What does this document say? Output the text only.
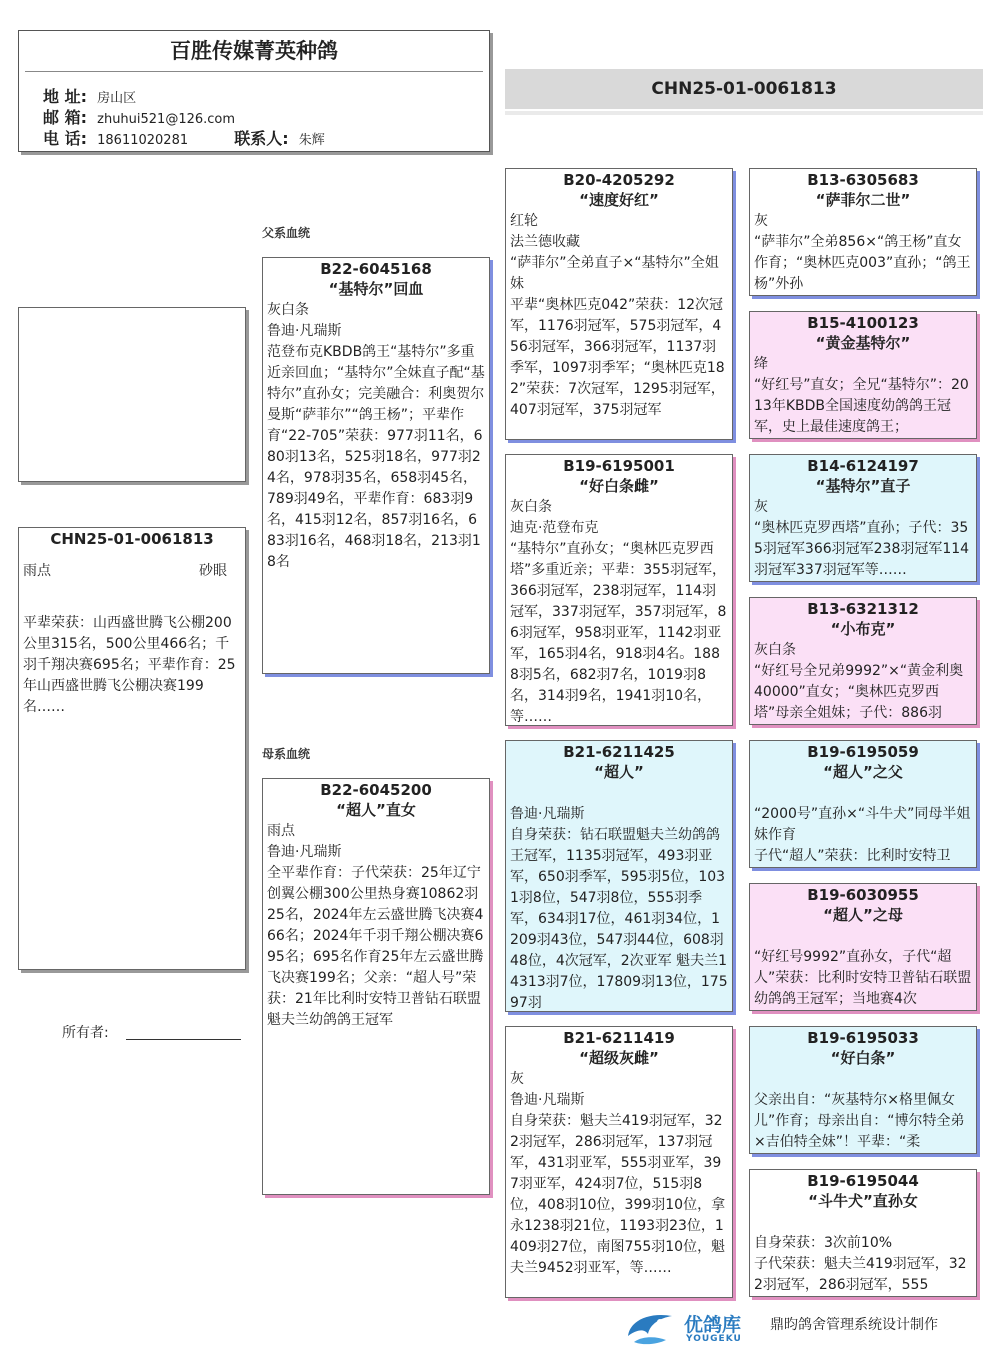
百胜传媒菁英种鸽
地 址: 房山区
邮 箱: zhuhui521@126.com
电 话: 18611020281	联系人: 朱辉
CHN25-01-0061813
CHN25-01-0061813
雨点	砂眼
平辈荣获：山西盛世腾飞公棚200公里315名，500公里466名；千羽千翔决赛695名；平辈作育：25年山西盛世腾飞公棚决赛199名……
所有者:
父系血统
母系血统
B22-6045168
“基特尔”回血
灰白条
鲁迪·凡瑞斯
范登布克KBDB鸽王“基特尔”多重近亲回血；“基特尔”全妹直子配“基特尔”直孙女；完美融合：利奥贺尔曼斯“萨菲尔”“鸽王杨”；平辈作育“22-705”荣获：977羽11名，680羽13名，525羽18名，977羽24名，978羽35名，658羽45名，789羽49名，平辈作育：683羽9名，415羽12名，857羽16名，683羽16名，468羽18名，213羽18名
B22-6045200
“超人”直女
雨点
鲁迪·凡瑞斯
全平辈作育：子代荣获：25年辽宁创翼公棚300公里热身赛10862羽25名，2024年左云盛世腾飞决赛466名；2024年千羽千翔公棚决赛695名；695名作育25年左云盛世腾飞决赛199名；父亲：“超人号”荣获：21年比利时安特卫普钻石联盟魁夫兰幼鸽鸽王冠军
B20-4205292
“速度好红”
红轮
法兰德收藏
“萨菲尔”全弟直子×“基特尔”全姐妹
平辈“奥林匹克042”荣获：12次冠军，1176羽冠军，575羽冠军，456羽冠军，366羽冠军，1137羽季军，1097羽季军；“奥林匹克182”荣获：7次冠军，1295羽冠军，407羽冠军，375羽冠军
B19-6195001
“好白条雌”
灰白条
迪克·范登布克
“基特尔”直孙女；“奥林匹克罗西塔”多重近亲；平辈：355羽冠军，366羽冠军，238羽冠军，114羽冠军，337羽冠军，357羽冠军，86羽冠军，958羽亚军，1142羽亚军，165羽4名，918羽4名。1888羽5名，682羽7名，1019羽8名，314羽9名，1941羽10名，等……
B21-6211425
“超人”
鲁迪·凡瑞斯
自身荣获：钻石联盟魁夫兰幼鸽鸽王冠军，1135羽冠军，493羽亚军，650羽季军，595羽5位，1031羽8位，547羽8位，555羽季军，634羽17位，461羽34位，1209羽43位，547羽44位，608羽48位，4次冠军，2次亚军 魁夫兰14313羽7位，17809羽13位，17597羽
B21-6211419
“超级灰雌”
灰
鲁迪·凡瑞斯
自身荣获：魁夫兰419羽冠军，322羽冠军，286羽冠军，137羽冠军，431羽亚军，555羽亚军，397羽亚军，424羽7位，515羽8位，408羽10位，399羽10位，拿永1238羽21位，1193羽23位，1409羽27位，南图755羽10位，魁夫兰9452羽亚军，等……
B13-6305683
“萨菲尔二世”
灰
“萨菲尔”全弟856×“鸽王杨”直女作育；“奥林匹克003”直孙；“鸽王杨”外孙
B15-4100123
“黄金基特尔”
绛
“好红号”直女；全兄“基特尔”：2013年KBDB全国速度幼鸽鸽王冠军，史上最佳速度鸽王；
B14-6124197
“基特尔”直子
灰
“奥林匹克罗西塔”直孙；子代：355羽冠军366羽冠军238羽冠军114羽冠军337羽冠军等……
B13-6321312
“小布克”
灰白条
“好红号全兄弟9992”×“黄金利奥40000”直女；“奥林匹克罗西塔”母亲全姐妹；子代：886羽
B19-6195059
“超人”之父
“2000号”直孙×“斗牛犬”同母半姐妹作育
子代“超人”荣获：比利时安特卫
B19-6030955
“超人”之母
“好红号9992”直孙女，子代“超人”荣获：比利时安特卫普钻石联盟幼鸽鸽王冠军；当地赛4次
B19-6195033
“好白条”
父亲出自：“灰基特尔×格里佩女儿”作育；母亲出自：“博尔特全弟×吉伯特全妹”！平辈：“柔
B19-6195044
“斗牛犬”直孙女
自身荣获：3次前10%
子代荣获：魁夫兰419羽冠军，322羽冠军，286羽冠军，555
优鸽库
YOUGEKU
鼎昀鸽舍管理系统设计制作
